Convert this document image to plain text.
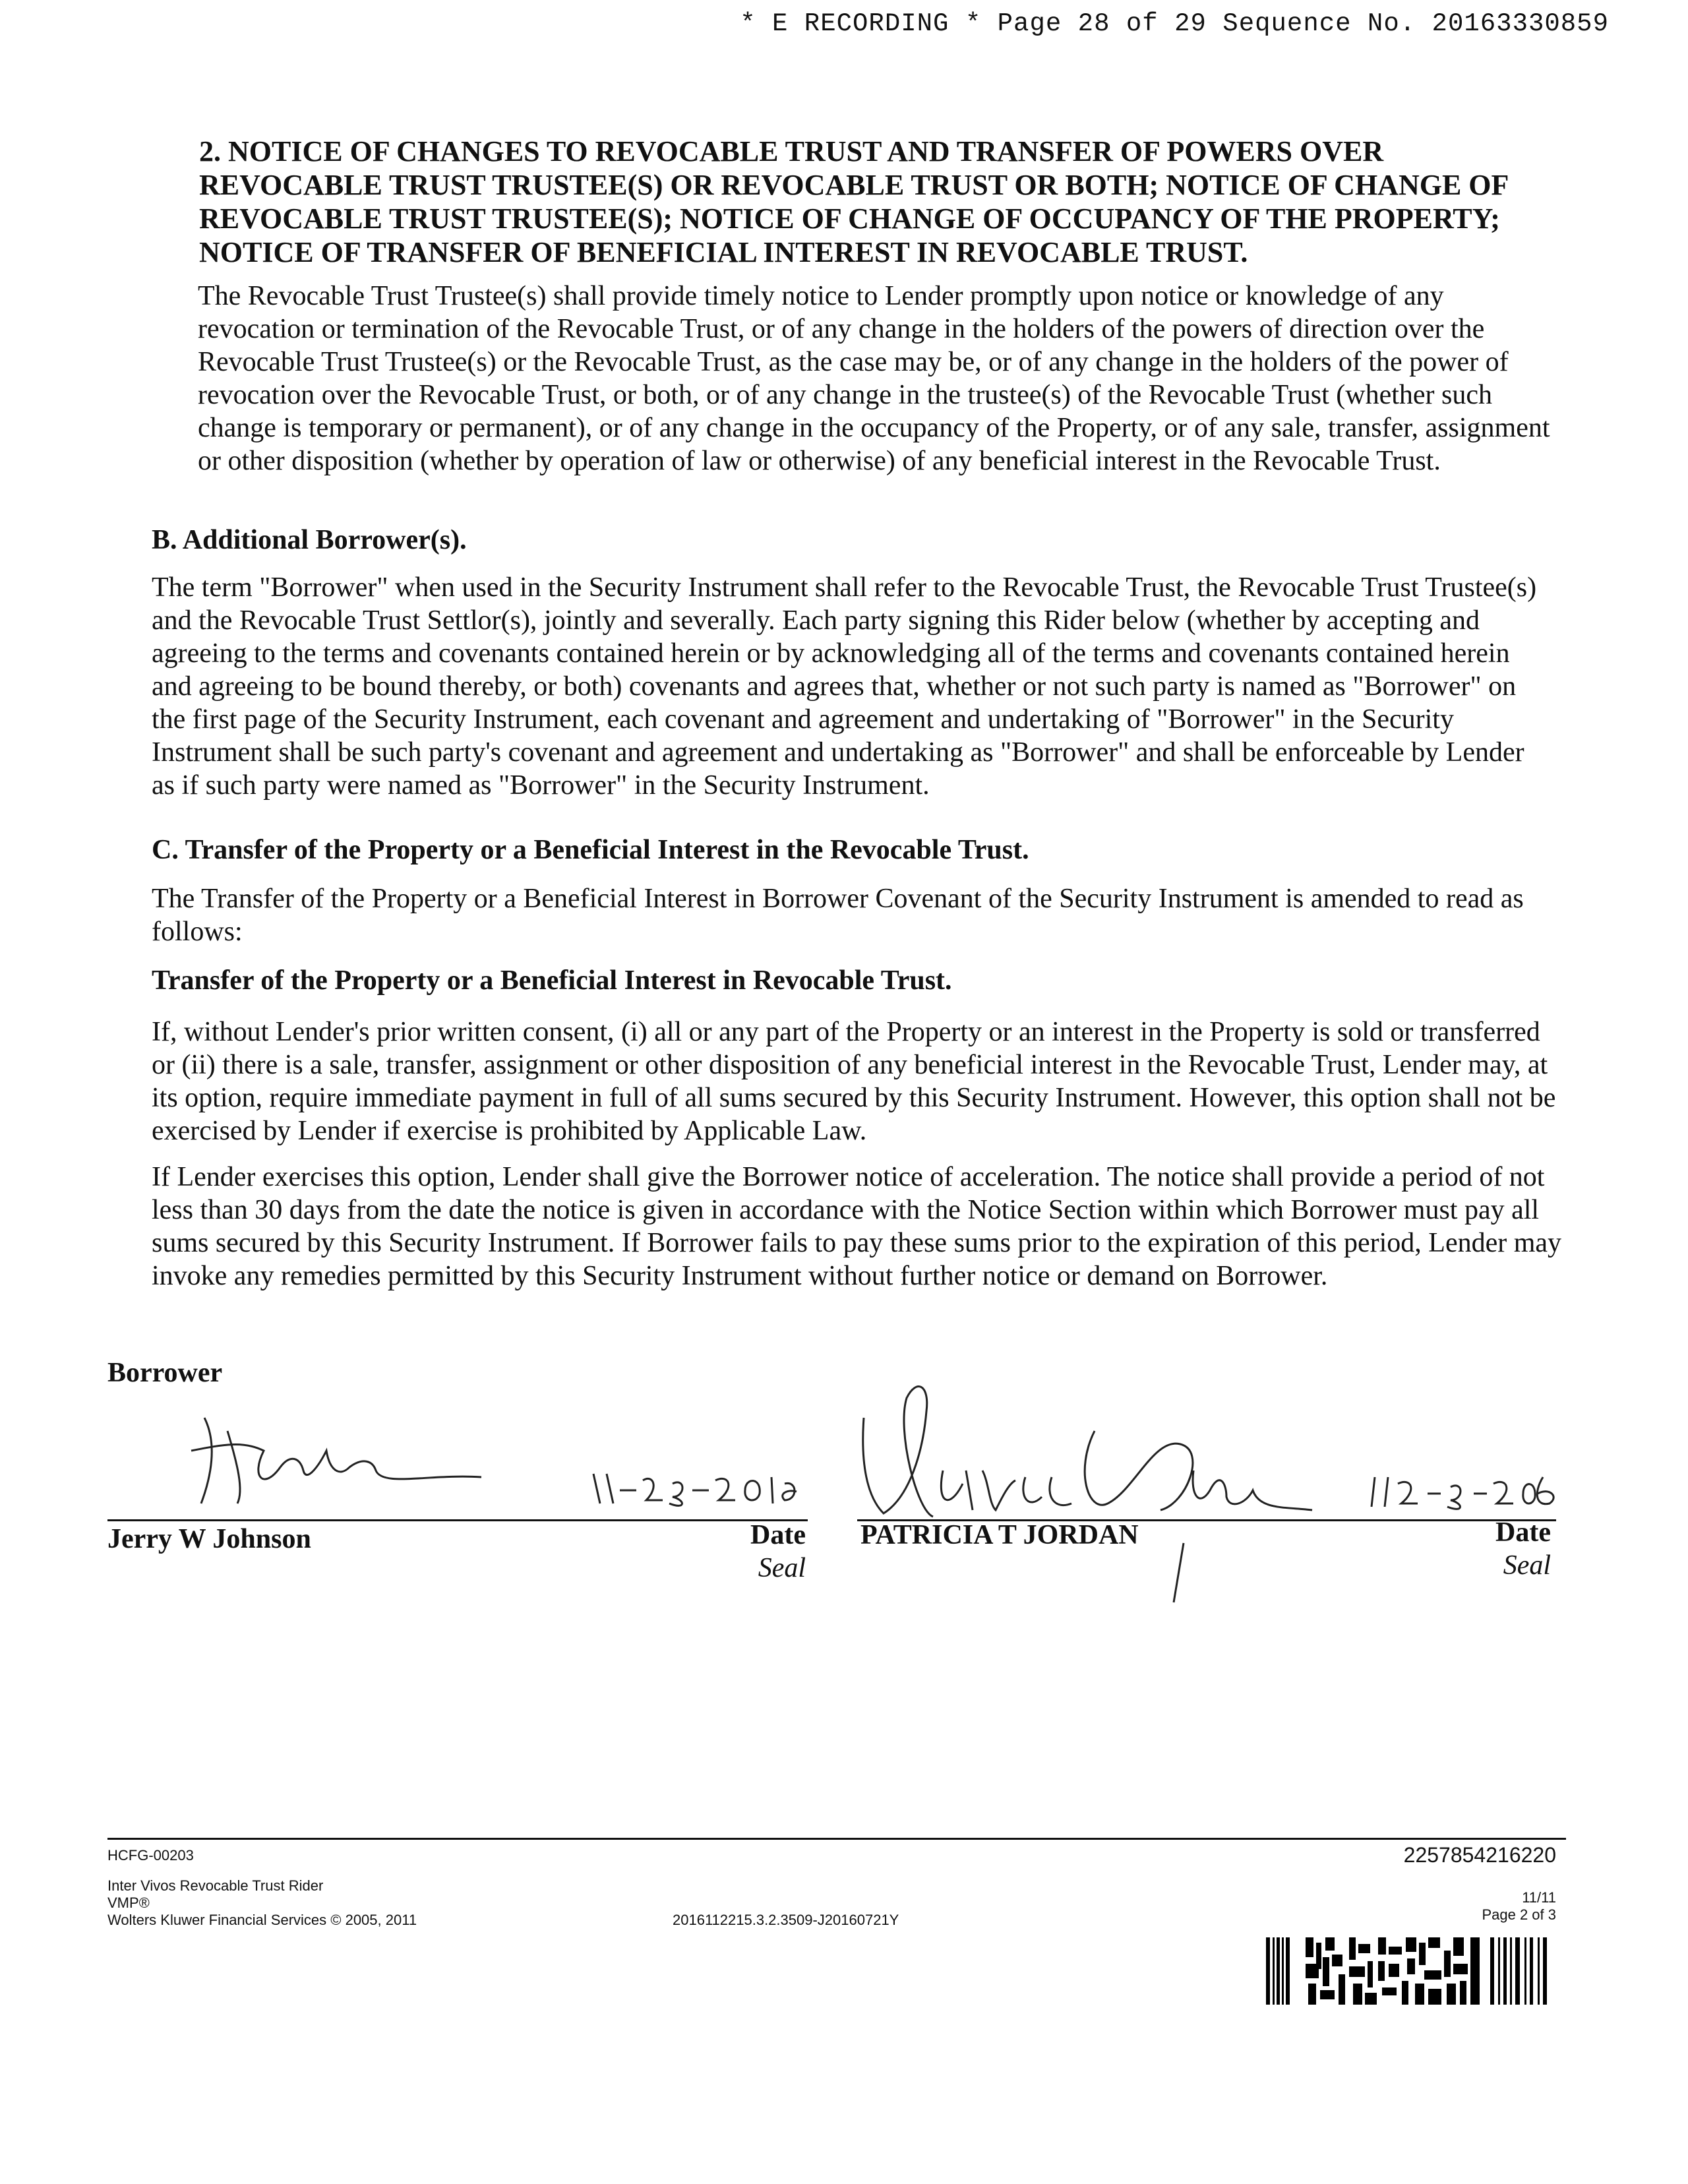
* E RECORDING * Page 28 of 29 Sequence No. 20163330859
2. NOTICE OF CHANGES TO REVOCABLE TRUST AND TRANSFER OF POWERS OVER REVOCABLE TRUST TRUSTEE(S) OR REVOCABLE TRUST OR BOTH; NOTICE OF CHANGE OF REVOCABLE TRUST TRUSTEE(S); NOTICE OF CHANGE OF OCCUPANCY OF THE PROPERTY; NOTICE OF TRANSFER OF BENEFICIAL INTEREST IN REVOCABLE TRUST.
The Revocable Trust Trustee(s) shall provide timely notice to Lender promptly upon notice or knowledge of any revocation or termination of the Revocable Trust, or of any change in the holders of the powers of direction over the Revocable Trust Trustee(s) or the Revocable Trust, as the case may be, or of any change in the holders of the power of revocation over the Revocable Trust, or both, or of any change in the trustee(s) of the Revocable Trust (whether such change is temporary or permanent), or of any change in the occupancy of the Property, or of any sale, transfer, assignment or other disposition (whether by operation of law or otherwise) of any beneficial interest in the Revocable Trust.
B. Additional Borrower(s).
The term "Borrower" when used in the Security Instrument shall refer to the Revocable Trust, the Revocable Trust Trustee(s) and the Revocable Trust Settlor(s), jointly and severally. Each party signing this Rider below (whether by accepting and agreeing to the terms and covenants contained herein or by acknowledging all of the terms and covenants contained herein and agreeing to be bound thereby, or both) covenants and agrees that, whether or not such party is named as "Borrower" on the first page of the Security Instrument, each covenant and agreement and undertaking of "Borrower" in the Security Instrument shall be such party's covenant and agreement and undertaking as "Borrower" and shall be enforceable by Lender as if such party were named as "Borrower" in the Security Instrument.
C. Transfer of the Property or a Beneficial Interest in the Revocable Trust.
The Transfer of the Property or a Beneficial Interest in Borrower Covenant of the Security Instrument is amended to read as follows:
Transfer of the Property or a Beneficial Interest in Revocable Trust.
If, without Lender's prior written consent, (i) all or any part of the Property or an interest in the Property is sold or transferred or (ii) there is a sale, transfer, assignment or other disposition of any beneficial interest in the Revocable Trust, Lender may, at its option, require immediate payment in full of all sums secured by this Security Instrument. However, this option shall not be exercised by Lender if exercise is prohibited by Applicable Law.
If Lender exercises this option, Lender shall give the Borrower notice of acceleration. The notice shall provide a period of not less than 30 days from the date the notice is given in accordance with the Notice Section within which Borrower must pay all sums secured by this Security Instrument. If Borrower fails to pay these sums prior to the expiration of this period, Lender may invoke any remedies permitted by this Security Instrument without further notice or demand on Borrower.
Borrower
Jerry W Johnson	Date
Seal
PATRICIA T JORDAN	Date
Seal
HCFG-00203
Inter Vivos Revocable Trust Rider
VMP®
Wolters Kluwer Financial Services © 2005, 2011	2016112215.3.2.3509-J20160721Y
2257854216220
11/11
Page 2 of 3
